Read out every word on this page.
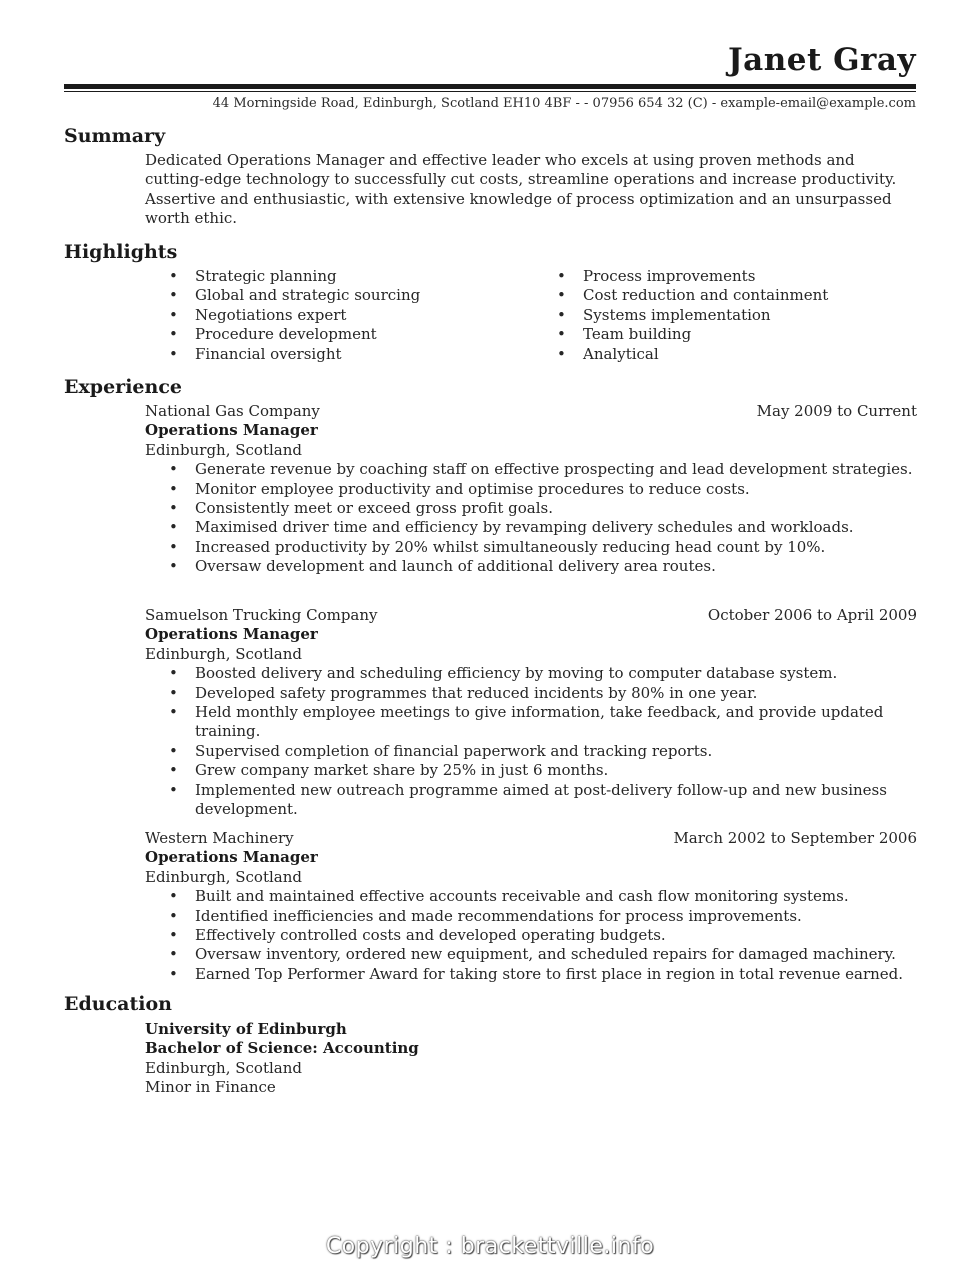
Janet Gray
44 Morningside Road, Edinburgh, Scotland EH10 4BF - - 07956 654 32 (C) - example-email@example.com
Summary

Dedicated Operations Manager and effective leader who excels at using proven methods and cutting-edge technology to successfully cut costs, streamline operations and increase productivity. Assertive and enthusiastic, with extensive knowledge of process optimization and an unsurpassed worth ethic.

Highlights
• Strategic planning
• Global and strategic sourcing
• Negotiations expert
• Procedure development
• Financial oversight
• Process improvements
• Cost reduction and containment
• Systems implementation
• Team building
• Analytical
Experience
National Gas Company	May 2009 to Current
Operations Manager
Edinburgh, Scotland
• Generate revenue by coaching staff on effective prospecting and lead development strategies.
• Monitor employee productivity and optimise procedures to reduce costs.
• Consistently meet or exceed gross profit goals.
• Maximised driver time and efficiency by revamping delivery schedules and workloads.
• Increased productivity by 20% whilst simultaneously reducing head count by 10%.
• Oversaw development and launch of additional delivery area routes.
Samuelson Trucking Company	October 2006 to April 2009
Operations Manager
Edinburgh, Scotland
• Boosted delivery and scheduling efficiency by moving to computer database system.
• Developed safety programmes that reduced incidents by 80% in one year.
• Held monthly employee meetings to give information, take feedback, and provide updated training.
• Supervised completion of financial paperwork and tracking reports.
• Grew company market share by 25% in just 6 months.
• Implemented new outreach programme aimed at post-delivery follow-up and new business development.
Western Machinery	March 2002 to September 2006
Operations Manager
Edinburgh, Scotland
• Built and maintained effective accounts receivable and cash flow monitoring systems.
• Identified inefficiencies and made recommendations for process improvements.
• Effectively controlled costs and developed operating budgets.
• Oversaw inventory, ordered new equipment, and scheduled repairs for damaged machinery.
• Earned Top Performer Award for taking store to first place in region in total revenue earned.
Education
University of Edinburgh
Bachelor of Science: Accounting
Edinburgh, Scotland
Minor in Finance
Copyright : brackettville.info
